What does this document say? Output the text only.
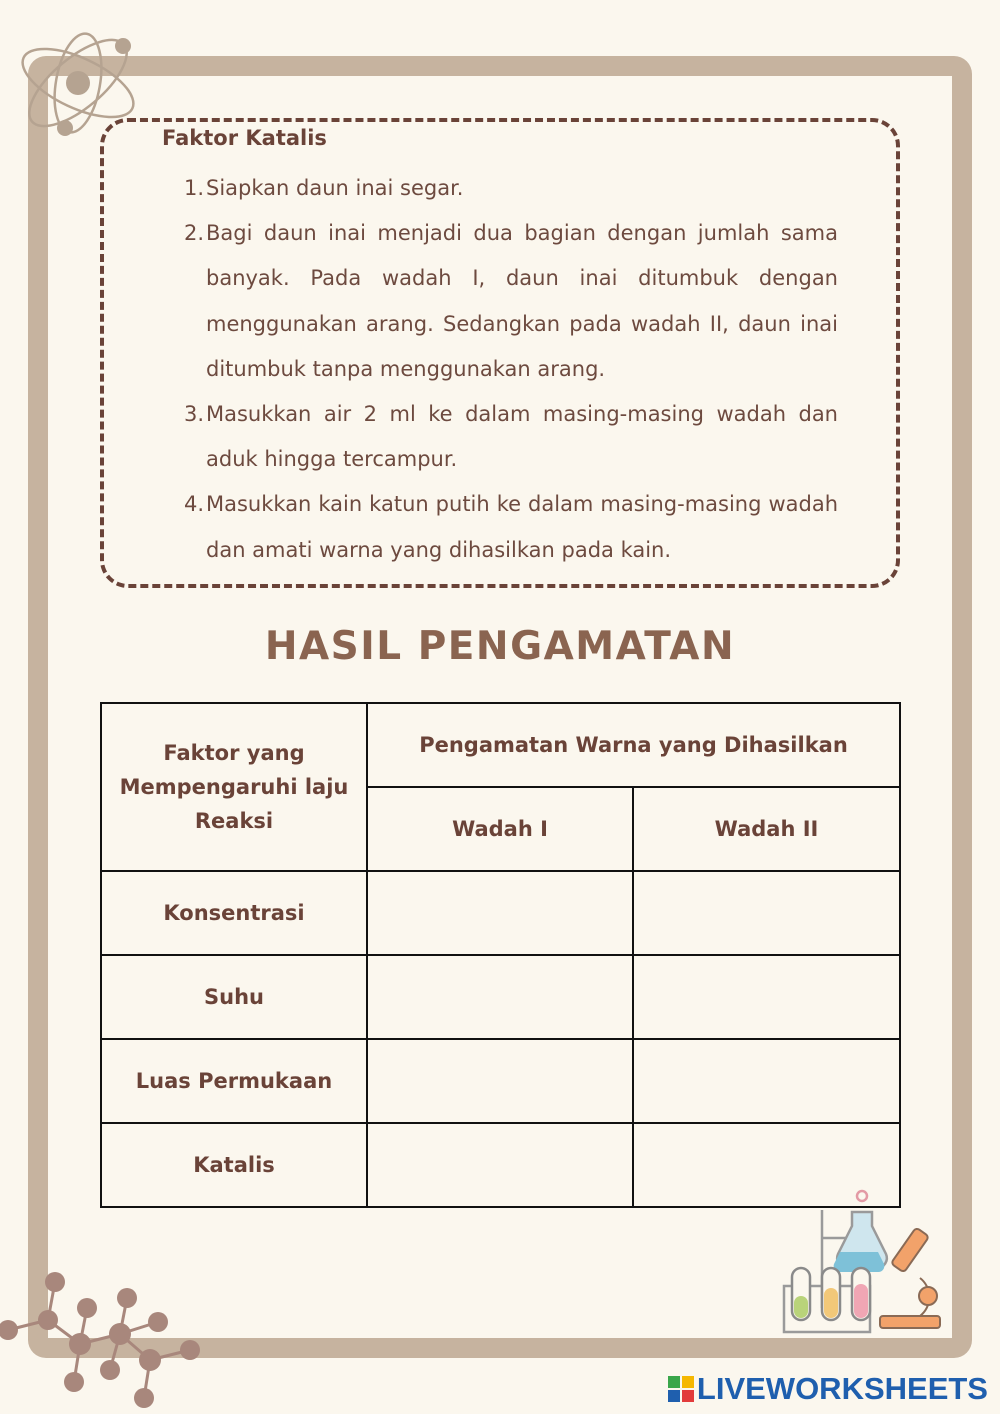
Faktor Katalis
1. Siapkan daun inai segar.
2. Bagi daun inai menjadi dua bagian dengan jumlah sama banyak. Pada wadah I, daun inai ditumbuk dengan menggunakan arang. Sedangkan pada wadah II, daun inai ditumbuk tanpa menggunakan arang.
3. Masukkan air 2 ml ke dalam masing-masing wadah dan aduk hingga tercampur.
4. Masukkan kain katun putih ke dalam masing-masing wadah dan amati warna yang dihasilkan pada kain.
HASIL PENGAMATAN
Faktor yang Mempengaruhi laju Reaksi	Pengamatan Warna yang Dihasilkan	
	Wadah I	Wadah II
Konsentrasi		
Suhu		
Luas Permukaan		
Katalis		
LIVEWORKSHEETS
